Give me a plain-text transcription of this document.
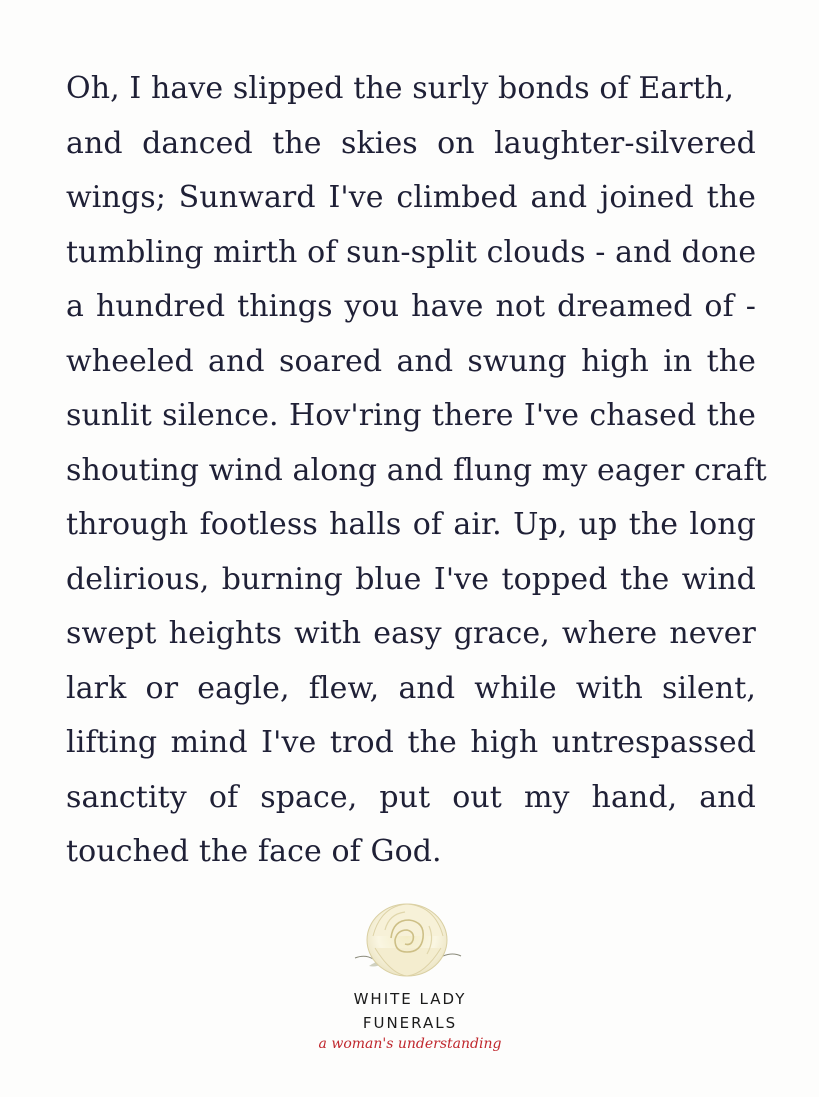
Oh, I have slipped the surly bonds of Earth,
and danced the skies on laughter-silvered
wings; Sunward I've climbed and joined the
tumbling mirth of sun-split clouds - and done
a hundred things you have not dreamed of -
wheeled and soared and swung high in the
sunlit silence. Hov'ring there I've chased the
shouting wind along and flung my eager craft
through footless halls of air. Up, up the long
delirious, burning blue I've topped the wind
swept heights with easy grace, where never
lark or eagle, flew, and while with silent,
lifting mind I've trod the high untrespassed
sanctity of space, put out my hand, and
touched the face of God.
WHITE LADY
FUNERALS
a woman's understanding
